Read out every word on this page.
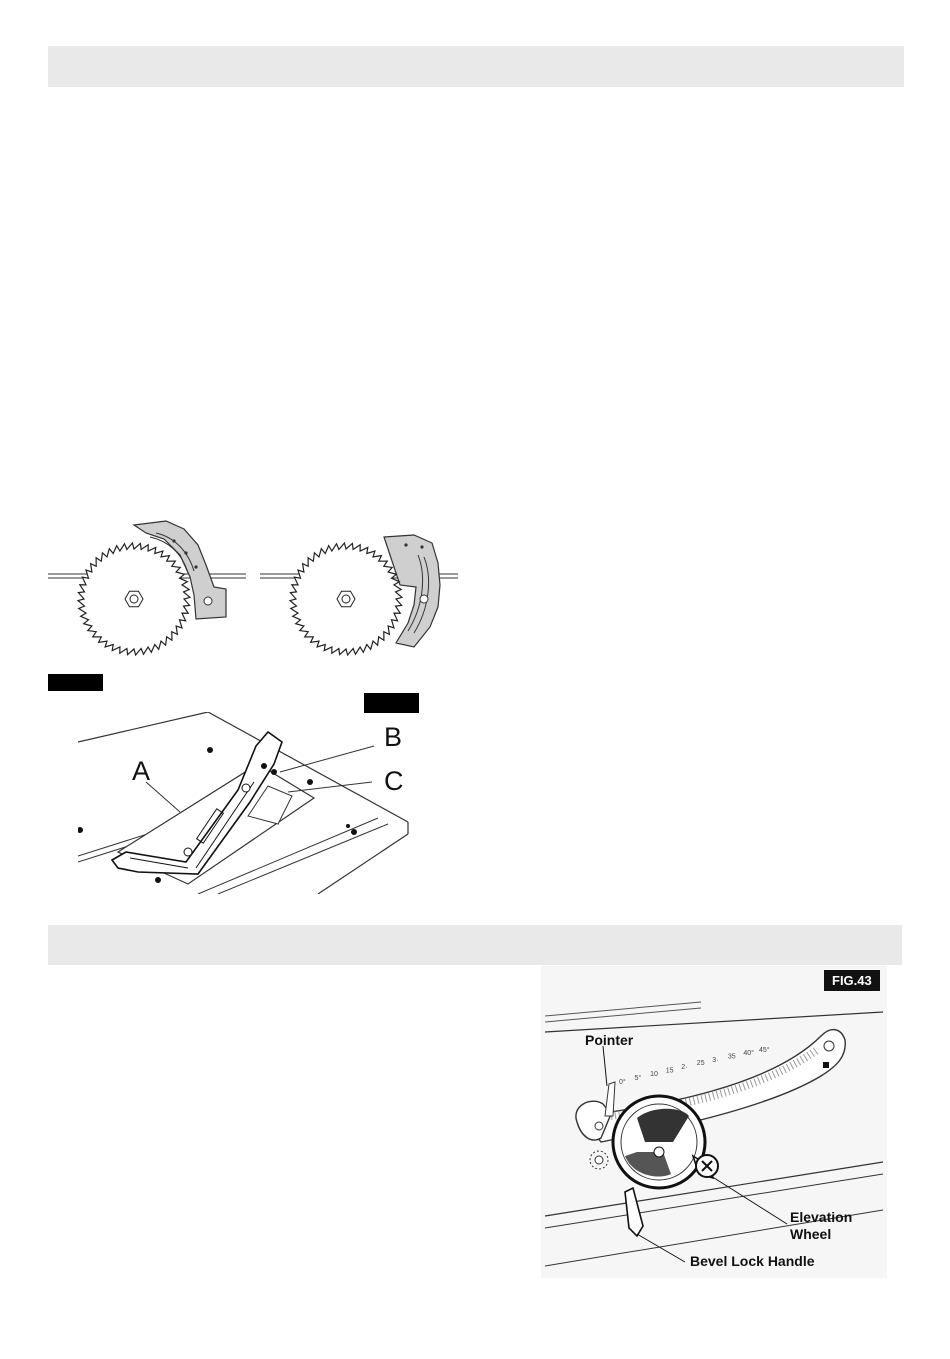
A
B
C
0°
5°
10
15
2·
25 3· 35 40° 45°
FIG.43
Pointer
Elevation
Wheel
Bevel Lock Handle
